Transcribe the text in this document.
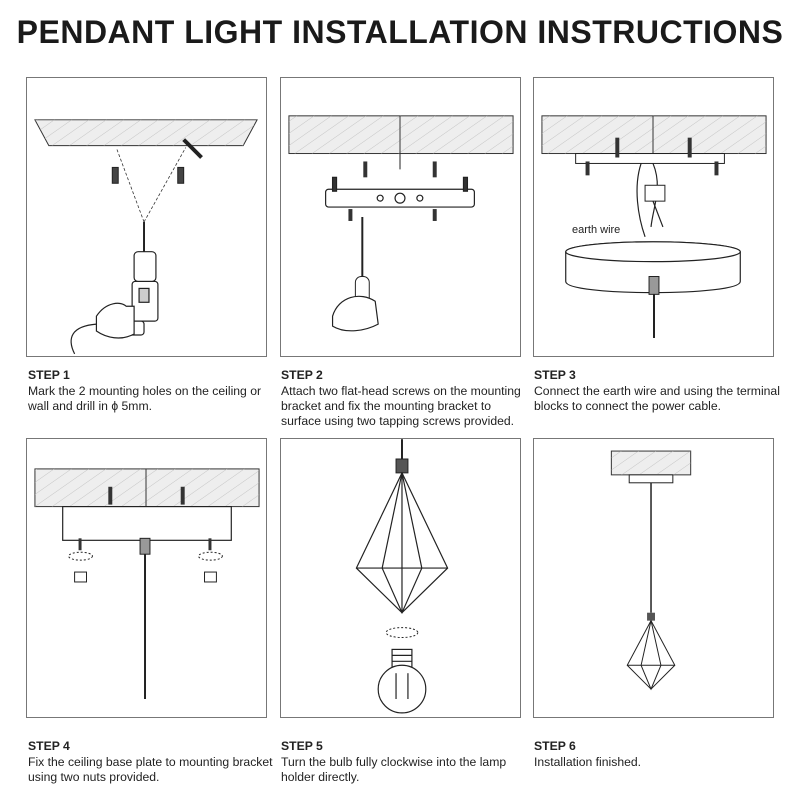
PENDANT LIGHT INSTALLATION INSTRUCTIONS
earth wire
STEP 1
Mark the 2 mounting holes on the ceiling or wall and drill in ϕ 5mm.
STEP 2
Attach two flat-head screws on the mounting bracket and fix the mounting bracket to surface using two tapping screws provided.
STEP 3
Connect the earth wire and using the terminal blocks to connect the power cable.
STEP 4
Fix the ceiling base plate to mounting bracket using two nuts provided.
STEP 5
Turn the bulb fully clockwise into the lamp holder directly.
STEP 6
Installation finished.
